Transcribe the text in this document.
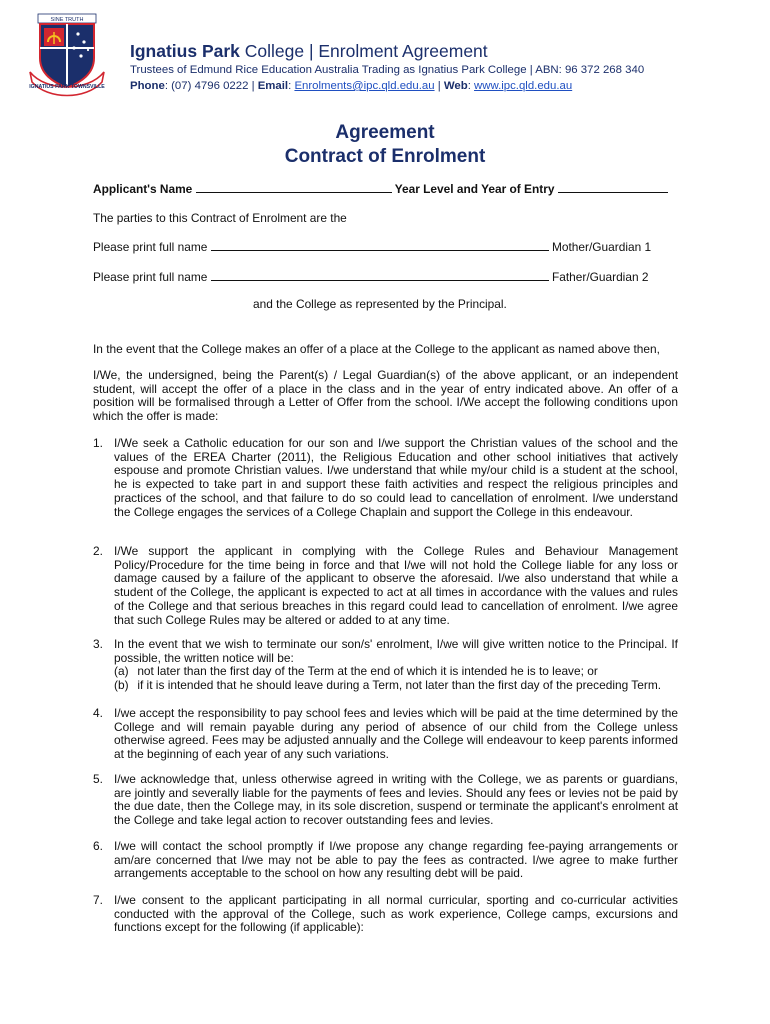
SINE TRUTH
IGNATIUS PARK TOWNSVILLE

Ignatius Park College | Enrolment Agreement

Trustees of Edmund Rice Education Australia Trading as Ignatius Park College | ABN: 96 372 268 340

Phone: (07) 4796 0222 | Email: Enrolments@ipc.qld.edu.au | Web: www.ipc.qld.edu.au

Agreement
Contract of Enrolment
Applicant's Name	Year Level and Year of Entry
The parties to this Contract of Enrolment are the
Please print full name	Mother/Guardian 1
Please print full name	Father/Guardian 2
and the College as represented by the Principal.
In the event that the College makes an offer of a place at the College to the applicant as named above then,
I/We, the undersigned, being the Parent(s) / Legal Guardian(s) of the above applicant, or an independent student, will accept the offer of a place in the class and in the year of entry indicated above. An offer of a position will be formalised through a Letter of Offer from the school. I/We accept the following conditions upon which the offer is made:
1. I/We seek a Catholic education for our son and I/we support the Christian values of the school and the values of the EREA Charter (2011), the Religious Education and other school initiatives that actively espouse and promote Christian values. I/we understand that while my/our child is a student at the school, he is expected to take part in and support these faith activities and respect the religious principles and practices of the school, and that failure to do so could lead to cancellation of enrolment. I/we understand the College engages the services of a College Chaplain and support the College in this endeavour.
2. I/We support the applicant in complying with the College Rules and Behaviour Management Policy/Procedure for the time being in force and that I/we will not hold the College liable for any loss or damage caused by a failure of the applicant to observe the aforesaid. I/we also understand that while a student of the College, the applicant is expected to act at all times in accordance with the values and rules of the College and that serious breaches in this regard could lead to cancellation of enrolment. I/we agree that such College Rules may be altered or added to at any time.
3. In the event that we wish to terminate our son/s' enrolment, I/we will give written notice to the Principal. If possible, the written notice will be:
(a) not later than the first day of the Term at the end of which it is intended he is to leave; or
(b) if it is intended that he should leave during a Term, not later than the first day of the preceding Term.
4. I/we accept the responsibility to pay school fees and levies which will be paid at the time determined by the College and will remain payable during any period of absence of our child from the College unless otherwise agreed. Fees may be adjusted annually and the College will endeavour to keep parents informed at the beginning of each year of any such variations.
5. I/we acknowledge that, unless otherwise agreed in writing with the College, we as parents or guardians, are jointly and severally liable for the payments of fees and levies. Should any fees or levies not be paid by the due date, then the College may, in its sole discretion, suspend or terminate the applicant's enrolment at the College and take legal action to recover outstanding fees and levies.
6. I/we will contact the school promptly if I/we propose any change regarding fee-paying arrangements or am/are concerned that I/we may not be able to pay the fees as contracted. I/we agree to make further arrangements acceptable to the school on how any resulting debt will be paid.
7. I/we consent to the applicant participating in all normal curricular, sporting and co-curricular activities conducted with the approval of the College, such as work experience, College camps, excursions and functions except for the following (if applicable):
